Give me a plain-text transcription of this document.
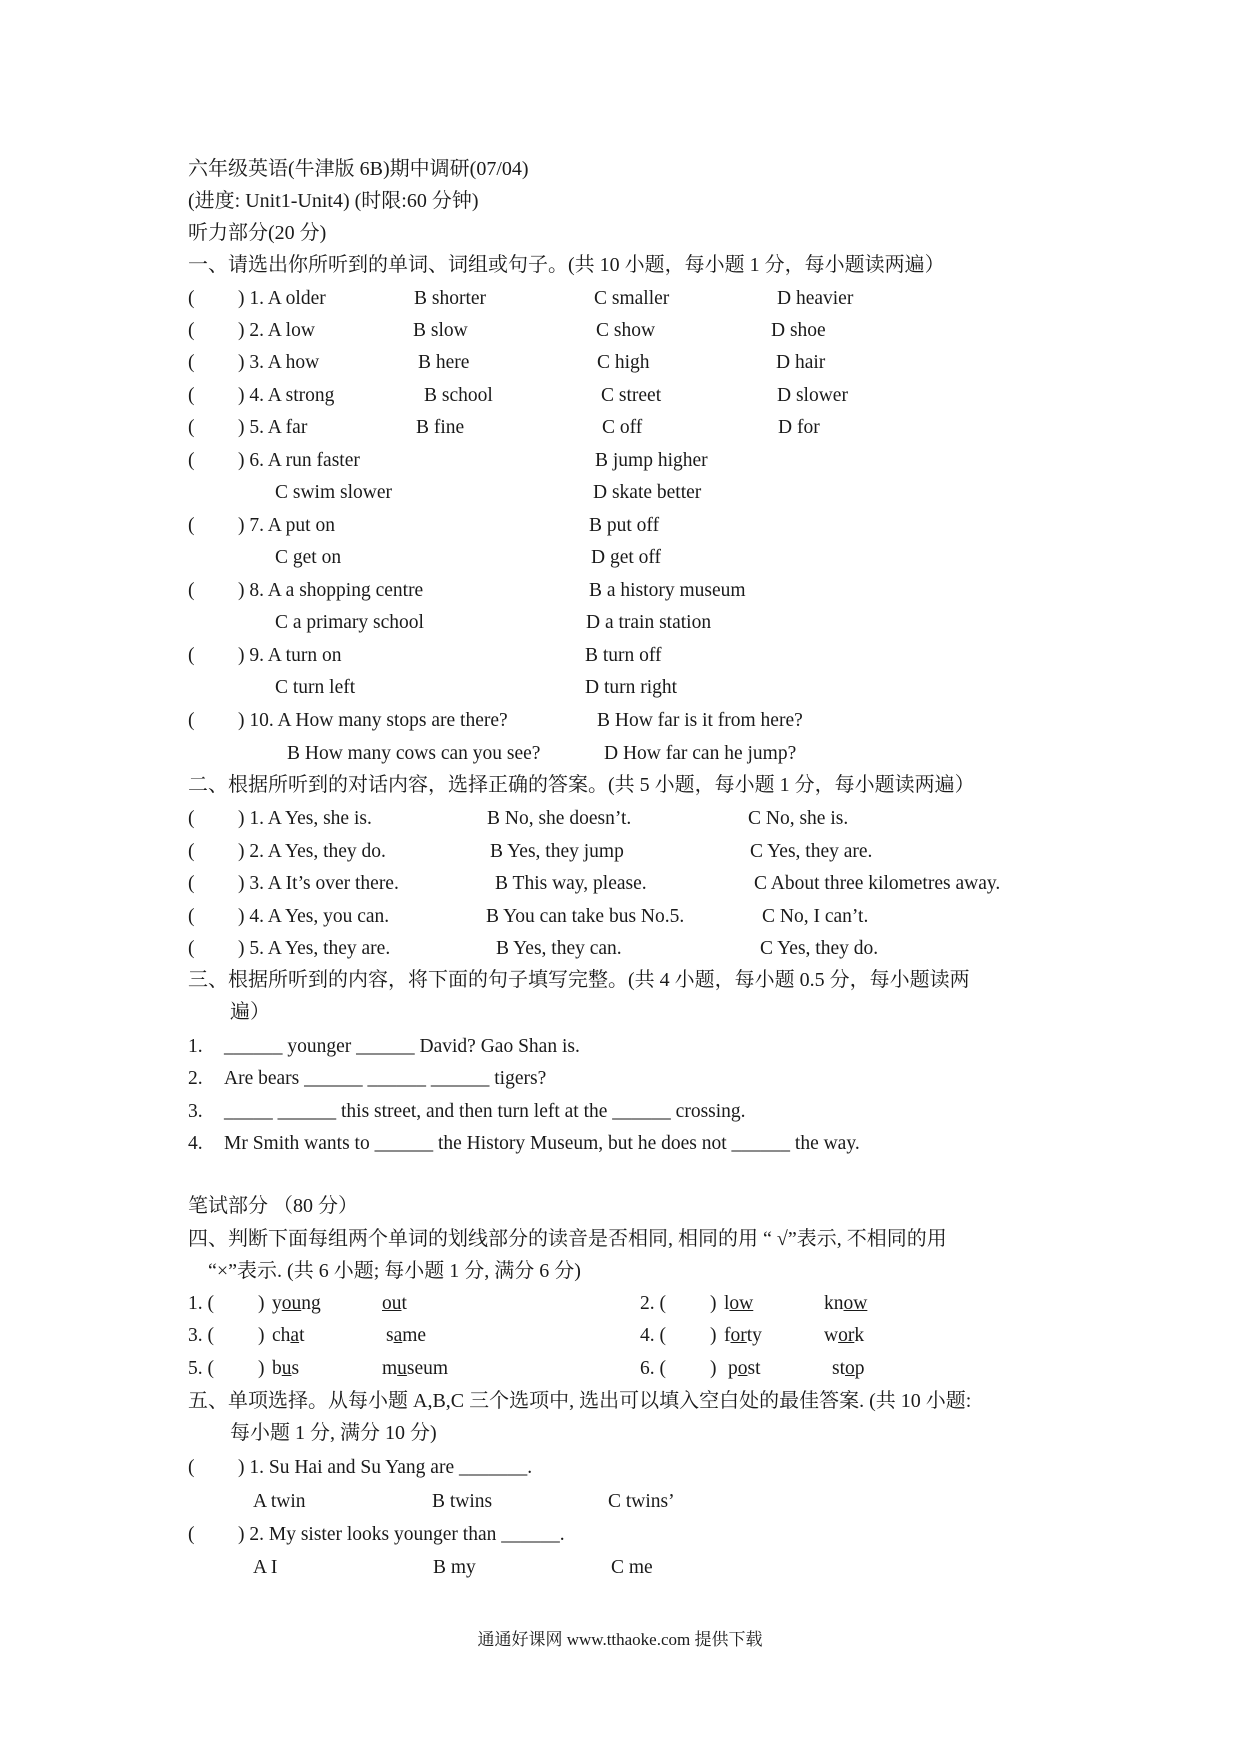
六年级英语(牛津版 6B)期中调研(07/04)
(进度: Unit1-Unit4) (时限:60 分钟)
听力部分(20 分)
一、请选出你所听到的单词、词组或句子。(共 10 小题，每小题 1 分，每小题读两遍）
( ) 1. A older	B shorter	C smaller	D heavier
( ) 2. A low	B slow	C show	D shoe
( ) 3. A how	B here	C high	D hair
( ) 4. A strong	B school	C street	D slower
( ) 5. A far	B fine	C off	D for
( ) 6. A run faster	B jump higher
C swim slower	D skate better
( ) 7. A put on	B put off
C get on	D get off
( ) 8. A a shopping centre	B a history museum
C a primary school	D a train station
( ) 9. A turn on	B turn off
C turn left	D turn right
( ) 10. A How many stops are there?	B How far is it from here?
B How many cows can you see?	D How far can he jump?
二、根据所听到的对话内容，选择正确的答案。(共 5 小题，每小题 1 分，每小题读两遍）
( ) 1. A Yes, she is.	B No, she doesn’t.	C No, she is.
( ) 2. A Yes, they do.	B Yes, they jump	C Yes, they are.
( ) 3. A It’s over there.	B This way, please.	C About three kilometres away.
( ) 4. A Yes, you can.	B You can take bus No.5.	C No, I can’t.
( ) 5. A Yes, they are.	B Yes, they can.	C Yes, they do.
三、根据所听到的内容，将下面的句子填写完整。(共 4 小题，每小题 0.5 分，每小题读两
遍）
1. ______ younger ______ David? Gao Shan is.
2. Are bears ______ ______ ______ tigers?
3. _____ ______ this street, and then turn left at the ______ crossing.
4. Mr Smith wants to ______ the History Museum, but he does not ______ the way.
笔试部分 （80 分）
四、判断下面每组两个单词的划线部分的读音是否相同, 相同的用 “ √”表示, 不相同的用
“×”表示. (共 6 小题; 每小题 1 分, 满分 6 分)
1. ( ) young	out	2. ( ) low	know
3. ( ) chat	same	4. ( ) forty	work
5. ( ) bus	museum	6. ( ) post	stop
五、单项选择。从每小题 A,B,C 三个选项中, 选出可以填入空白处的最佳答案. (共 10 小题:
每小题 1 分, 满分 10 分)
( ) 1. Su Hai and Su Yang are _______.
A twin	B twins	C twins’
( ) 2. My sister looks younger than ______.
A I	B my	C me
通通好课网 www.tthaoke.com 提供下载
